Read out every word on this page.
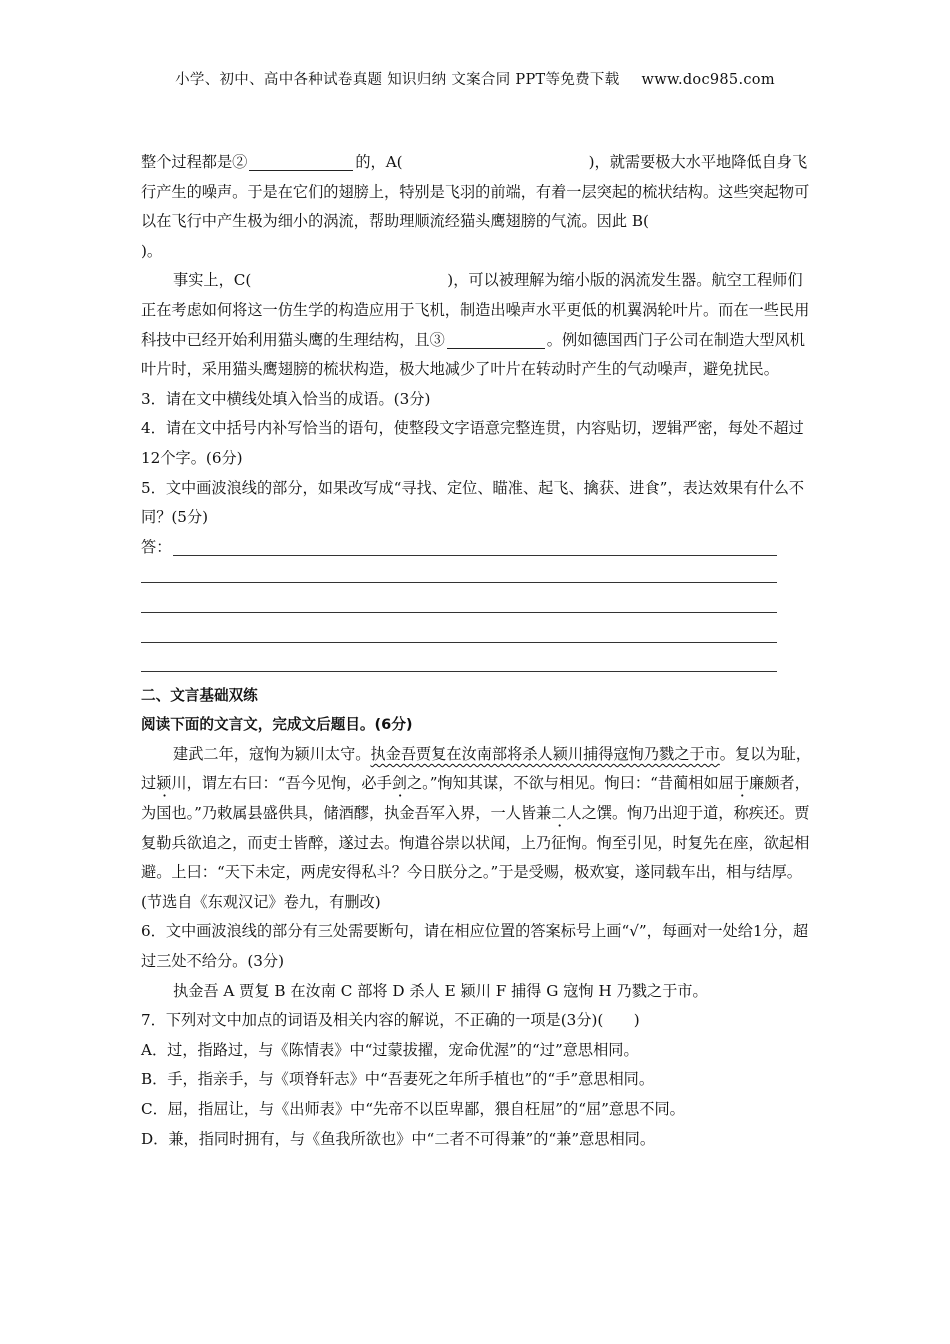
小学、初中、高中各种试卷真题 知识归纳 文案合同 PPT等免费下载 www.doc985.com

整个过程都是②	的，A(	)，就需要极大水平地降低自身飞行产生的噪声。于是在它们的翅膀上，特别是飞羽的前端，有着一层突起的梳状结构。这些突起物可以在飞行中产生极为细小的涡流，帮助理顺流经猫头鹰翅膀的气流。因此 B(
)。

事实上，C(	)，可以被理解为缩小版的涡流发生器。航空工程师们正在考虑如何将这一仿生学的构造应用于飞机，制造出噪声水平更低的机翼涡轮叶片。而在一些民用科技中已经开始利用猫头鹰的生理结构，且③	。例如德国西门子公司在制造大型风机叶片时，采用猫头鹰翅膀的梳状构造，极大地减少了叶片在转动时产生的气动噪声，避免扰民。

3．请在文中横线处填入恰当的成语。(3分)

4．请在文中括号内补写恰当的语句，使整段文字语意完整连贯，内容贴切，逻辑严密，每处不超过12个字。(6分)

5．文中画波浪线的部分，如果改写成“寻找、定位、瞄准、起飞、擒获、进食”，表达效果有什么不同？(5分)

答：

二、文言基础双练

阅读下面的文言文，完成文后题目。(6分)

建武二年，寇恂为颍川太守。执金吾贾复在汝南部将杀人颍川捕得寇恂乃戮之于市。复以为耻，过颍川，谓左右曰：“吾今见恂，必手剑之。”恂知其谋，不欲与相见。恂曰：“昔蔺相如屈于廉颇者，为国也。”乃敕属县盛供具，储酒醪，执金吾军入界，一人皆兼二人之馔。恂乃出迎于道，称疾还。贾复勒兵欲追之，而吏士皆醉，遂过去。恂遣谷崇以状闻，上乃征恂。恂至引见，时复先在座，欲起相避。上曰：“天下未定，两虎安得私斗？今日朕分之。”于是受赐，极欢宴，遂同载车出，相与结厚。(节选自《东观汉记》卷九，有删改)

6．文中画波浪线的部分有三处需要断句，请在相应位置的答案标号上画“√”，每画对一处给1分，超过三处不给分。(3分)

执金吾 A 贾复 B 在汝南 C 部将 D 杀人 E 颍川 F 捕得 G 寇恂 H 乃戮之于市。

7．下列对文中加点的词语及相关内容的解说，不正确的一项是(3分)(　　)

A．过，指路过，与《陈情表》中“过蒙拔擢，宠命优渥”的“过”意思相同。

B．手，指亲手，与《项脊轩志》中“吾妻死之年所手植也”的“手”意思相同。

C．屈，指屈让，与《出师表》中“先帝不以臣卑鄙，猥自枉屈”的“屈”意思不同。

D．兼，指同时拥有，与《鱼我所欲也》中“二者不可得兼”的“兼”意思相同。
